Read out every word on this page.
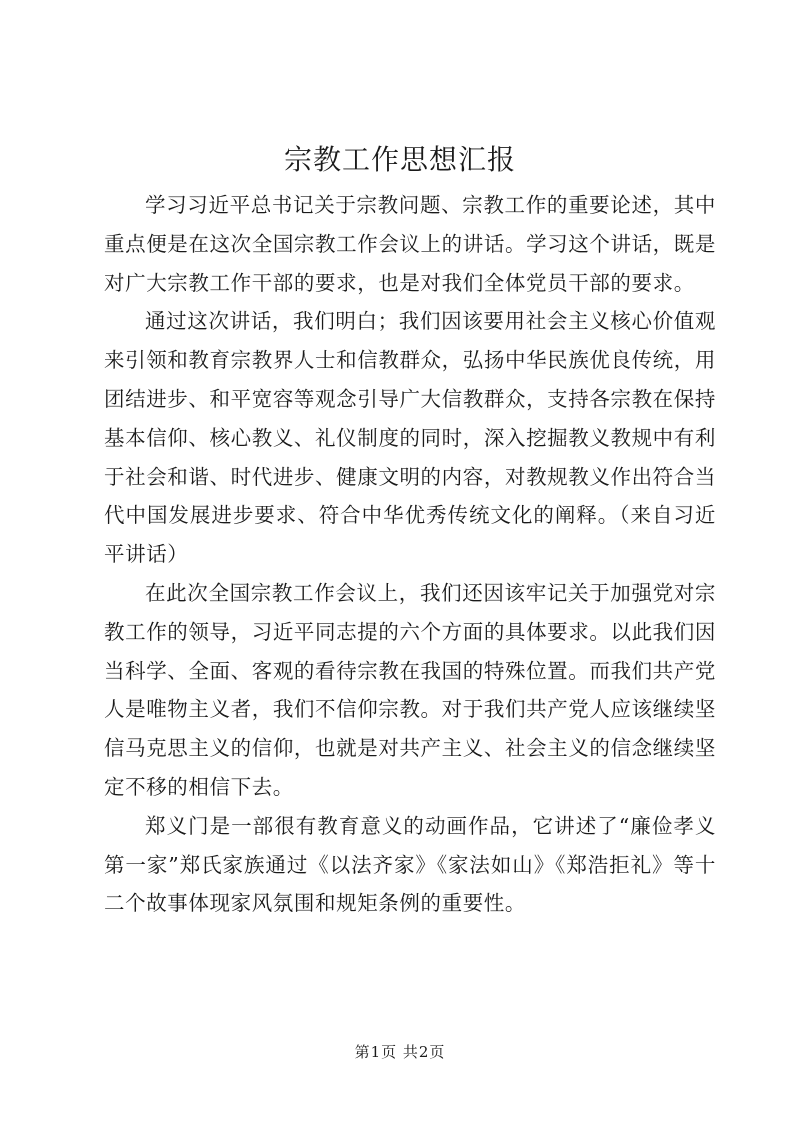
宗教工作思想汇报

学习习近平总书记关于宗教问题、宗教工作的重要论述，其中重点便是在这次全国宗教工作会议上的讲话。学习这个讲话，既是对广大宗教工作干部的要求，也是对我们全体党员干部的要求。

通过这次讲话，我们明白；我们因该要用社会主义核心价值观来引领和教育宗教界人士和信教群众，弘扬中华民族优良传统，用团结进步、和平宽容等观念引导广大信教群众，支持各宗教在保持基本信仰、核心教义、礼仪制度的同时，深入挖掘教义教规中有利于社会和谐、时代进步、健康文明的内容，对教规教义作出符合当代中国发展进步要求、符合中华优秀传统文化的阐释。（来自习近平讲话）

在此次全国宗教工作会议上，我们还因该牢记关于加强党对宗教工作的领导，习近平同志提的六个方面的具体要求。以此我们因当科学、全面、客观的看待宗教在我国的特殊位置。而我们共产党人是唯物主义者，我们不信仰宗教。对于我们共产党人应该继续坚信马克思主义的信仰，也就是对共产主义、社会主义的信念继续坚定不移的相信下去。

郑义门是一部很有教育意义的动画作品，它讲述了“廉俭孝义第一家”郑氏家族通过《以法齐家》《家法如山》《郑浩拒礼》等十二个故事体现家风氛围和规矩条例的重要性。

第1页 共2页
